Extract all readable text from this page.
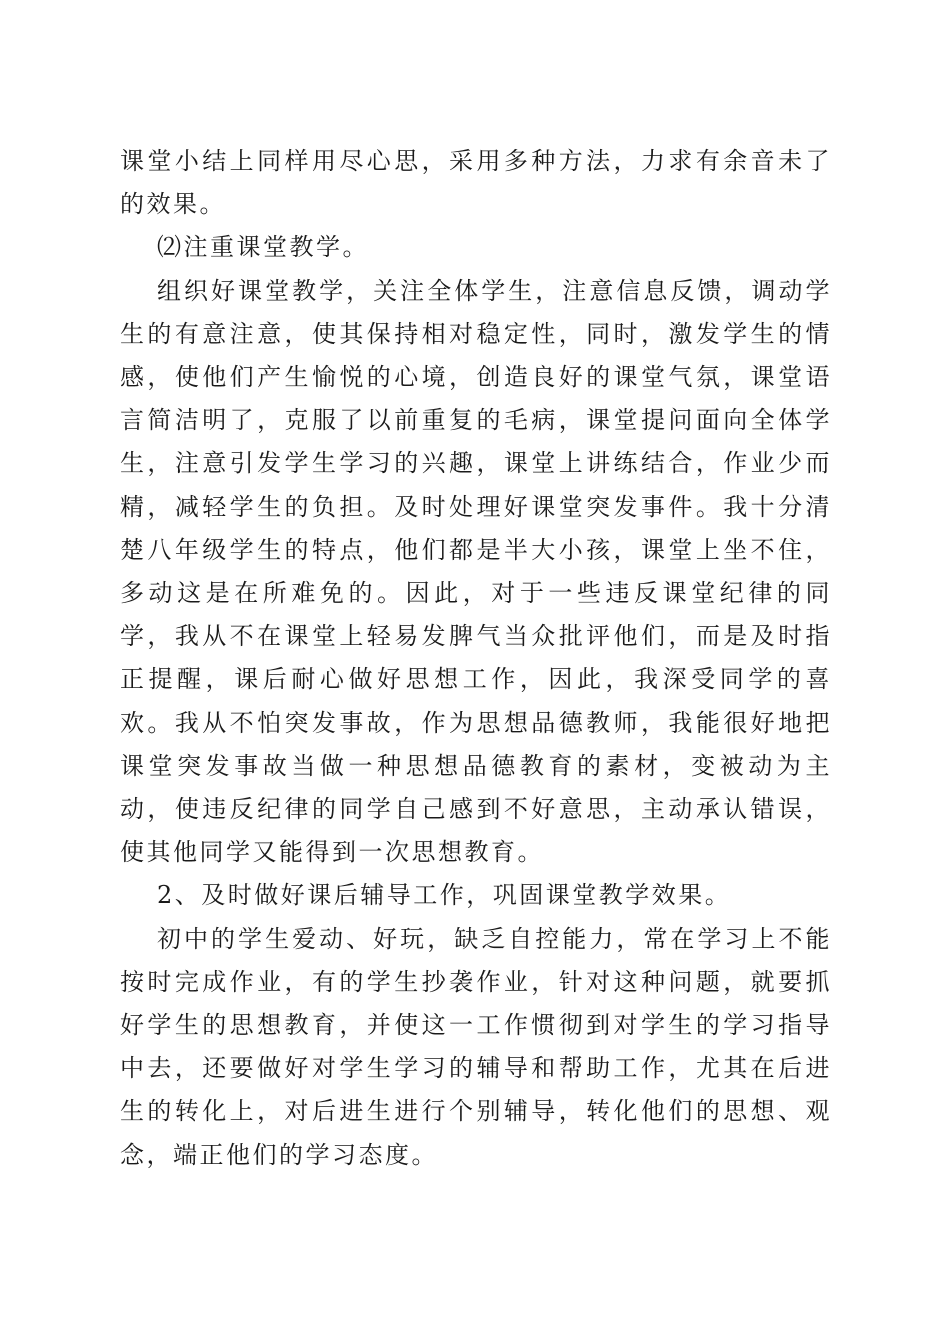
课堂小结上同样用尽心思，采用多种方法，力求有余音未了的效果。

⑵注重课堂教学。

组织好课堂教学，关注全体学生，注意信息反馈，调动学生的有意注意，使其保持相对稳定性，同时，激发学生的情感，使他们产生愉悦的心境，创造良好的课堂气氛，课堂语言简洁明了，克服了以前重复的毛病，课堂提问面向全体学生，注意引发学生学习的兴趣，课堂上讲练结合，作业少而精，减轻学生的负担。及时处理好课堂突发事件。我十分清楚八年级学生的特点，他们都是半大小孩，课堂上坐不住，多动这是在所难免的。因此，对于一些违反课堂纪律的同学，我从不在课堂上轻易发脾气当众批评他们，而是及时指正提醒，课后耐心做好思想工作，因此，我深受同学的喜欢。我从不怕突发事故，作为思想品德教师，我能很好地把课堂突发事故当做一种思想品德教育的素材，变被动为主动，使违反纪律的同学自己感到不好意思，主动承认错误，使其他同学又能得到一次思想教育。

2、及时做好课后辅导工作，巩固课堂教学效果。

初中的学生爱动、好玩，缺乏自控能力，常在学习上不能按时完成作业，有的学生抄袭作业，针对这种问题，就要抓好学生的思想教育，并使这一工作惯彻到对学生的学习指导中去，还要做好对学生学习的辅导和帮助工作，尤其在后进生的转化上，对后进生进行个别辅导，转化他们的思想、观念，端正他们的学习态度。
